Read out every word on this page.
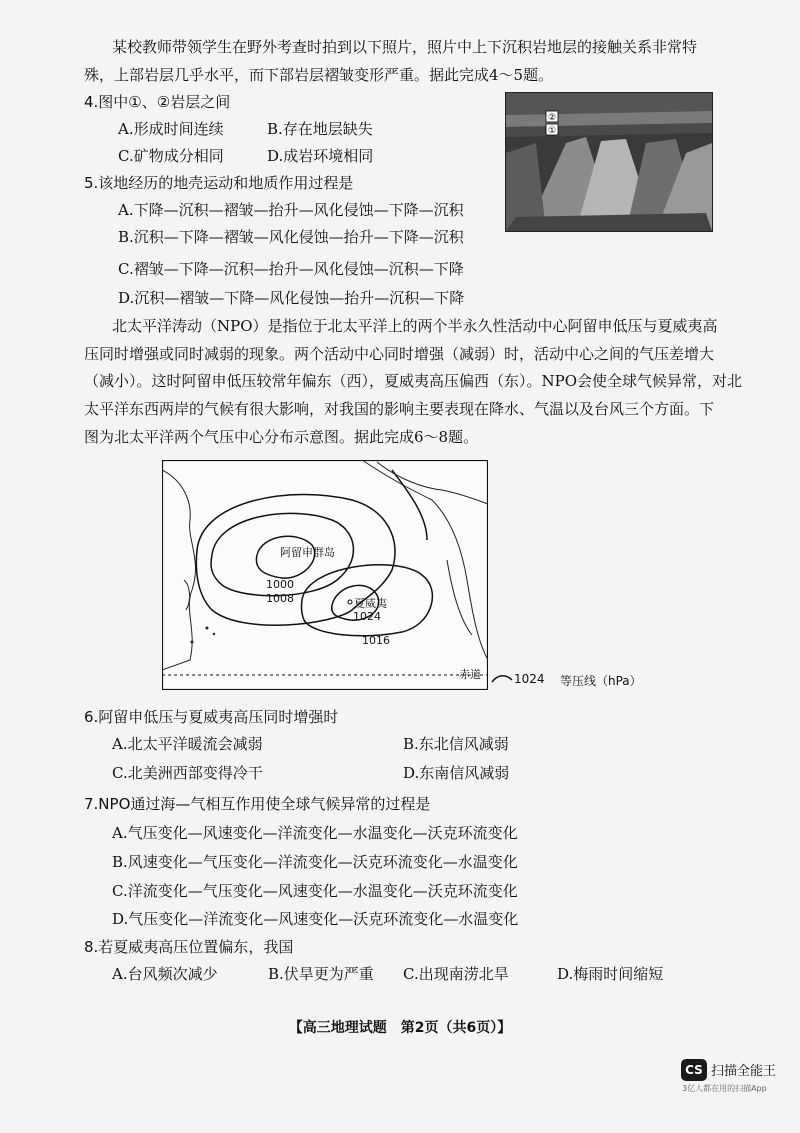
某校教师带领学生在野外考查时拍到以下照片，照片中上下沉积岩地层的接触关系非常特
殊，上部岩层几乎水平，而下部岩层褶皱变形严重。据此完成4～5题。
4.图中①、②岩层之间
A.形成时间连续	B.存在地层缺失
C.矿物成分相同	D.成岩环境相同
②
①
5.该地经历的地壳运动和地质作用过程是
A.下降—沉积—褶皱—抬升—风化侵蚀—下降—沉积
B.沉积—下降—褶皱—风化侵蚀—抬升—下降—沉积
C.褶皱—下降—沉积—抬升—风化侵蚀—沉积—下降
D.沉积—褶皱—下降—风化侵蚀—抬升—沉积—下降
北太平洋涛动（NPO）是指位于北太平洋上的两个半永久性活动中心阿留申低压与夏威夷高
压同时增强或同时减弱的现象。两个活动中心同时增强（减弱）时，活动中心之间的气压差增大
（减小）。这时阿留申低压较常年偏东（西），夏威夷高压偏西（东）。NPO会使全球气候异常，对北
太平洋东西两岸的气候有很大影响，对我国的影响主要表现在降水、气温以及台风三个方面。下
图为北太平洋两个气压中心分布示意图。据此完成6～8题。
阿留申群岛
1000
1008	夏威夷
1024
1016
赤道	1024 等压线（hPa）
6.阿留申低压与夏威夷高压同时增强时
A.北太平洋暖流会减弱	B.东北信风减弱
C.北美洲西部变得冷干	D.东南信风减弱
7.NPO通过海—气相互作用使全球气候异常的过程是
A.气压变化—风速变化—洋流变化—水温变化—沃克环流变化
B.风速变化—气压变化—洋流变化—沃克环流变化—水温变化
C.洋流变化—气压变化—风速变化—水温变化—沃克环流变化
D.气压变化—洋流变化—风速变化—沃克环流变化—水温变化
8.若夏威夷高压位置偏东，我国
A.台风频次减少	B.伏旱更为严重 C.出现南涝北旱	D.梅雨时间缩短
【高三地理试题　第2页（共6页）】
CS 扫描全能王
3亿人都在用的扫描App
